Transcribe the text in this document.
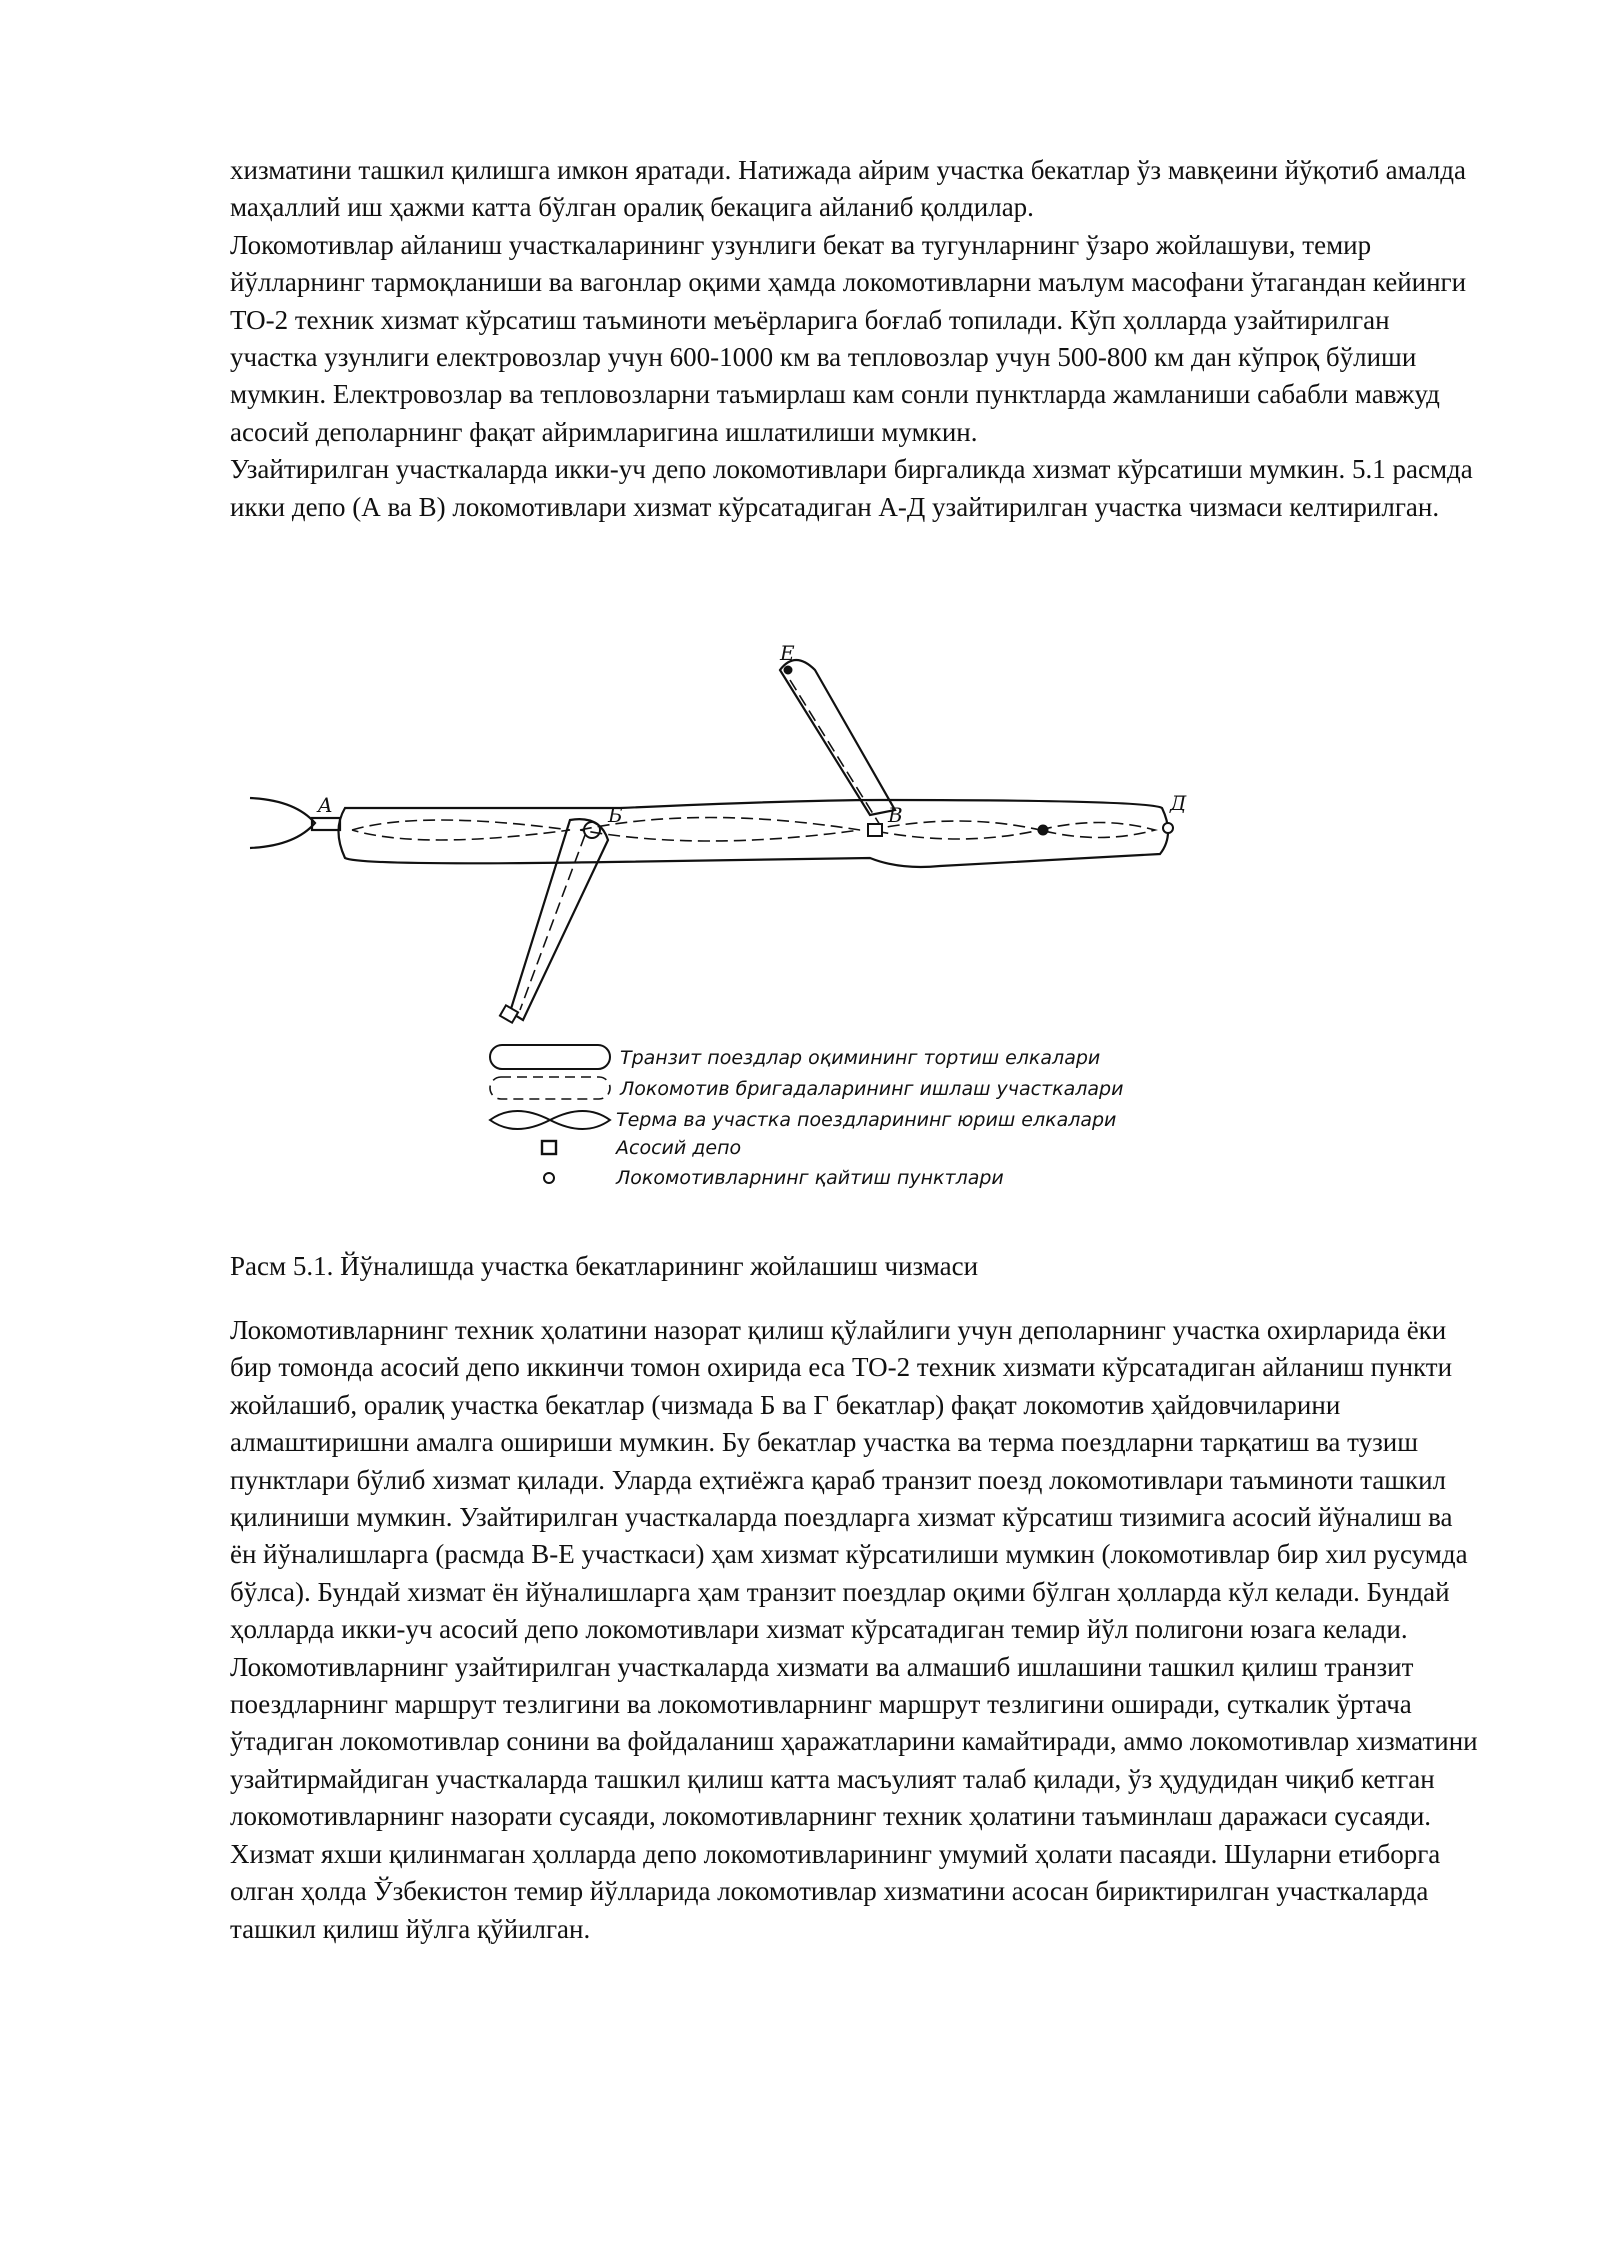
хизматини ташкил қилишга имкон яратади. Натижада айрим участка бекатлар ўз мавқеини йўқотиб амалда маҳаллий иш ҳажми катта бўлган оралиқ бекацига айланиб қолдилар.

Локомотивлар айланиш участкаларининг узунлиги бекат ва тугунларнинг ўзаро жойлашуви, темир йўлларнинг тармоқланиши ва вагонлар оқими ҳамда локомотивларни маълум масофани ўтагандан кейинги ТО-2 техник хизмат кўрсатиш таъминоти меъёрларига боғлаб топилади. Кўп ҳолларда узайтирилган участка узунлиги електровозлар учун 600-1000 км ва тепловозлар учун 500-800 км дан кўпроқ бўлиши мумкин. Електровозлар ва тепловозларни таъмирлаш кам сонли пунктларда жамланиши сабабли мавжуд асосий деполарнинг фақат айримларигина ишлатилиши мумкин.

Узайтирилган участкаларда икки-уч депо локомотивлари биргаликда хизмат кўрсатиши мумкин. 5.1 расмда икки депо (А ва В) локомотивлари хизмат кўрсатадиган А-Д узайтирилган участка чизмаси келтирилган.

A	Б	В
Е
Д
Транзит поездлар оқимининг тортиш елкалари
Локомотив бригадаларининг ишлаш участкалари
Терма ва участка поездларининг юриш елкалари
Асосий депо
Локомотивларнинг қайтиш пунктлари
Расм 5.1. Йўналишда участка бекатларининг жойлашиш чизмаси

Локомотивларнинг техник ҳолатини назорат қилиш қўлайлиги учун деполарнинг участка охирларида ёки бир томонда асосий депо иккинчи томон охирида еса ТО-2 техник хизмати кўрсатадиган айланиш пункти жойлашиб, оралиқ участка бекатлар (чизмада Б ва Г бекатлар) фақат локомотив ҳайдовчиларини алмаштиришни амалга ошириши мумкин. Бу бекатлар участка ва терма поездларни тарқатиш ва тузиш пунктлари бўлиб хизмат қилади. Уларда еҳтиёжга қараб транзит поезд локомотивлари таъминоти ташкил қилиниши мумкин. Узайтирилган участкаларда поездларга хизмат кўрсатиш тизимига асосий йўналиш ва ён йўналишларга (расмда В-Е участкаси) ҳам хизмат кўрсатилиши мумкин (локомотивлар бир хил русумда бўлса). Бундай хизмат ён йўналишларга ҳам транзит поездлар оқими бўлган ҳолларда кўл келади. Бундай ҳолларда икки-уч асосий депо локомотивлари хизмат кўрсатадиган темир йўл полигони юзага келади.

Локомотивларнинг узайтирилган участкаларда хизмати ва алмашиб ишлашини ташкил қилиш транзит поездларнинг маршрут тезлигини ва локомотивларнинг маршрут тезлигини оширади, суткалик ўртача ўтадиган локомотивлар сонини ва фойдаланиш ҳаражатларини камайтиради, аммо локомотивлар хизматини узайтирмайдиган участкаларда ташкил қилиш катта масъулият талаб қилади, ўз ҳудудидан чиқиб кетган локомотивларнинг назорати сусаяди, локомотивларнинг техник ҳолатини таъминлаш даражаси сусаяди. Хизмат яхши қилинмаган ҳолларда депо локомотивларининг умумий ҳолати пасаяди. Шуларни етиборга олган ҳолда Ўзбекистон темир йўлларида локомотивлар хизматини асосан бириктирилган участкаларда ташкил қилиш йўлга қўйилган.
